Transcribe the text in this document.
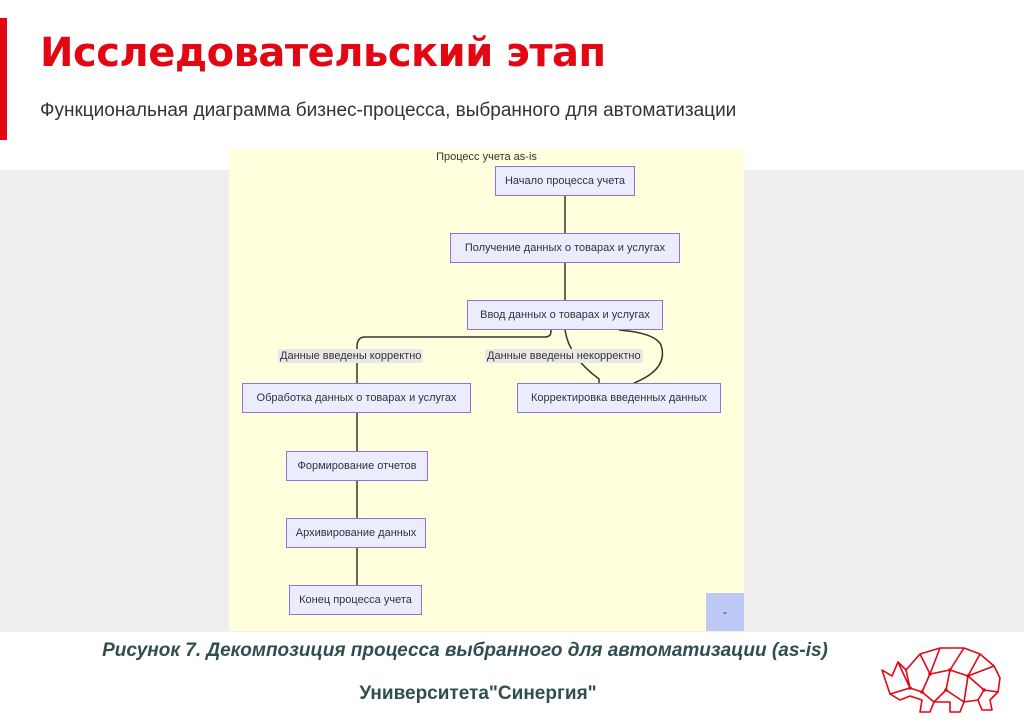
Исследовательский этап
Функциональная диаграмма бизнес-процесса, выбранного для автоматизации
Процесс учета as-is
Начало процесса учета
Получение данных о товарах и услугах
Ввод данных о товарах и услугах
Обработка данных о товарах и услугах	Корректировка введенных данных
Формирование отчетов
Архивирование данных
Конец процесса учета
Данные введены корректно	Данные введены некорректно
-
Рисунок 7. Декомпозиция процесса выбранного для автоматизации (as-is)
Университета"Синергия"
